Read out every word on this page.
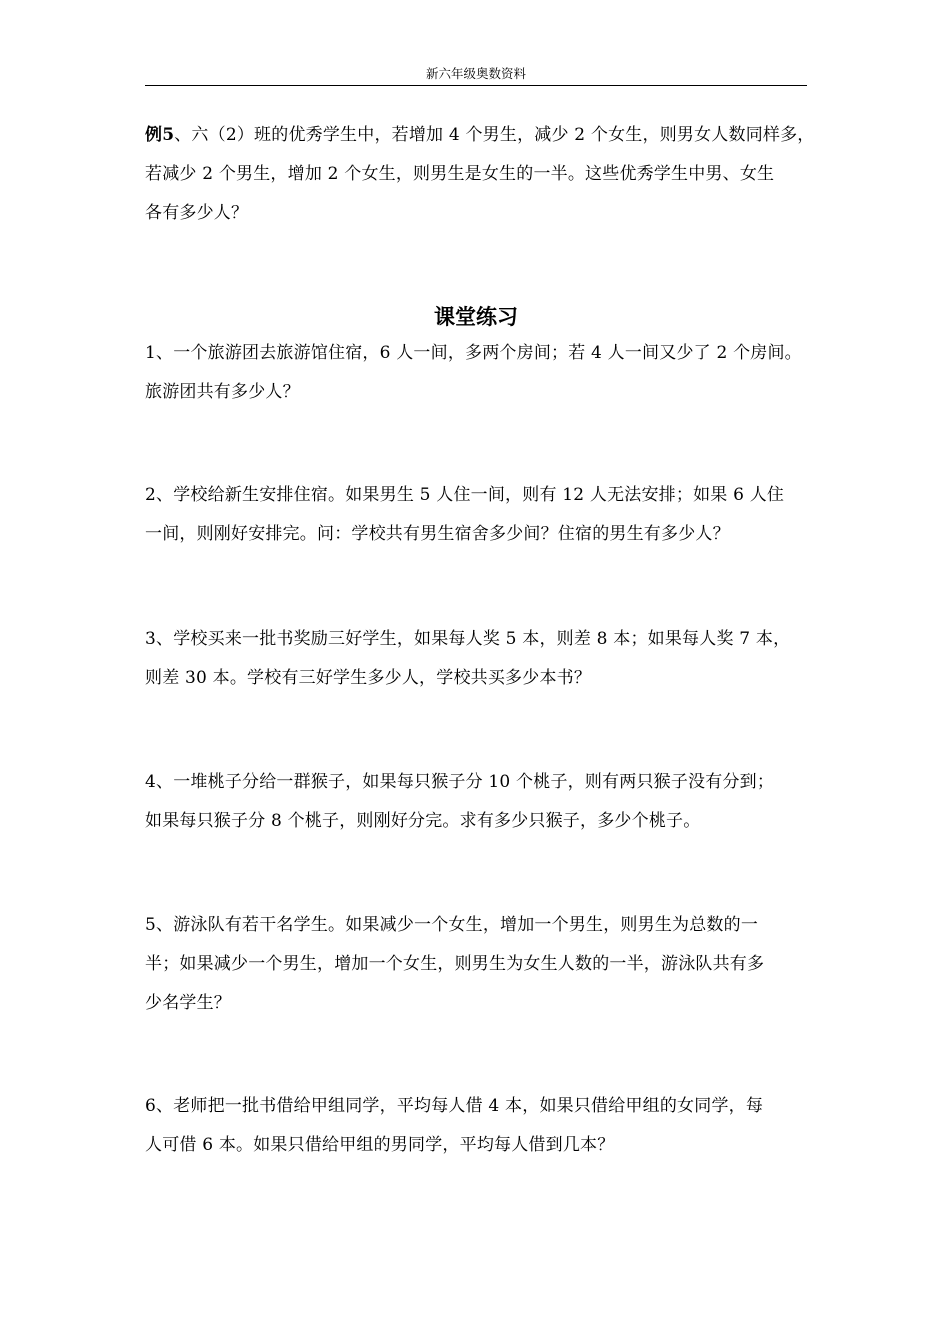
新六年级奥数资料
例5、六（2）班的优秀学生中，若增加 4 个男生，减少 2 个女生，则男女人数同样多，
若减少 2 个男生，增加 2 个女生，则男生是女生的一半。这些优秀学生中男、女生
各有多少人？
课堂练习
1、一个旅游团去旅游馆住宿，6 人一间，多两个房间；若 4 人一间又少了 2 个房间。
旅游团共有多少人？
2、学校给新生安排住宿。如果男生 5 人住一间，则有 12 人无法安排；如果 6 人住
一间，则刚好安排完。问：学校共有男生宿舍多少间？住宿的男生有多少人？
3、学校买来一批书奖励三好学生，如果每人奖 5 本，则差 8 本；如果每人奖 7 本，
则差 30 本。学校有三好学生多少人，学校共买多少本书？
4、一堆桃子分给一群猴子，如果每只猴子分 10 个桃子，则有两只猴子没有分到；
如果每只猴子分 8 个桃子，则刚好分完。求有多少只猴子，多少个桃子。
5、游泳队有若干名学生。如果减少一个女生，增加一个男生，则男生为总数的一
半；如果减少一个男生，增加一个女生，则男生为女生人数的一半，游泳队共有多
少名学生？
6、老师把一批书借给甲组同学，平均每人借 4 本，如果只借给甲组的女同学，每
人可借 6 本。如果只借给甲组的男同学，平均每人借到几本？
